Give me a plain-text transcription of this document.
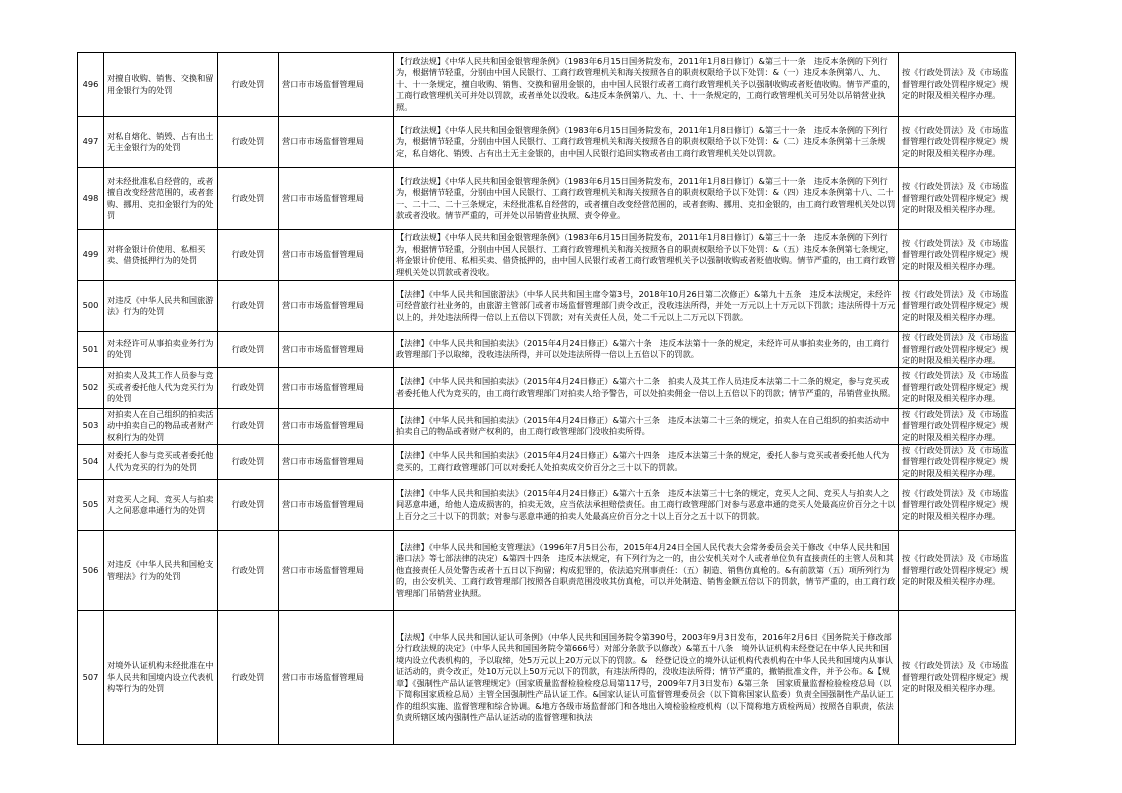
496	对擅自收购、销售、交换和留用金银行为的处罚	行政处罚	营口市市场监督管理局	【行政法规】《中华人民共和国金银管理条例》（1983年6月15日国务院发布，2011年1月8日修订）&第三十一条　违反本条例的下列行为，根据情节轻重，分别由中国人民银行、工商行政管理机关和海关按照各自的职责权限给予以下处罚：&（一）违反本条例第八、九、十、十一条规定，擅自收购、销售、交换和留用金银的，由中国人民银行或者工商行政管理机关予以强制收购或者贬值收购。情节严重的，工商行政管理机关可并处以罚款，或者单处以没收。&违反本条例第八、九、十、十一条规定的，工商行政管理机关可另处以吊销营业执照。	按《行政处罚法》及《市场监督管理行政处罚程序规定》规定的时限及相关程序办理。

497	对私自熔化、销毁、占有出土无主金银行为的处罚	行政处罚	营口市市场监督管理局	【行政法规】《中华人民共和国金银管理条例》（1983年6月15日国务院发布，2011年1月8日修订）&第三十一条　违反本条例的下列行为，根据情节轻重，分别由中国人民银行、工商行政管理机关和海关按照各自的职责权限给予以下处罚：&（二）违反本条例第十三条规定，私自熔化、销毁、占有出土无主金银的，由中国人民银行追回实物或者由工商行政管理机关处以罚款。	按《行政处罚法》及《市场监督管理行政处罚程序规定》规定的时限及相关程序办理。

498	对未经批准私自经营的，或者擅自改变经营范围的，或者套购、挪用、克扣金银行为的处罚	行政处罚	营口市市场监督管理局	【行政法规】《中华人民共和国金银管理条例》（1983年6月15日国务院发布，2011年1月8日修订）&第三十一条　违反本条例的下列行为，根据情节轻重，分别由中国人民银行、工商行政管理机关和海关按照各自的职责权限给予以下处罚：&（四）违反本条例第十八、二十一、二十二、二十三条规定，未经批准私自经营的，或者擅自改变经营范围的，或者套购、挪用、克扣金银的，由工商行政管理机关处以罚款或者没收。情节严重的，可并处以吊销营业执照、责令停业。	按《行政处罚法》及《市场监督管理行政处罚程序规定》规定的时限及相关程序办理。

499	对将金银计价使用、私相买卖、借贷抵押行为的处罚	行政处罚	营口市市场监督管理局	【行政法规】《中华人民共和国金银管理条例》（1983年6月15日国务院发布，2011年1月8日修订）&第三十一条　违反本条例的下列行为，根据情节轻重，分别由中国人民银行、工商行政管理机关和海关按照各自的职责权限给予以下处罚：&（五）违反本条例第七条规定，将金银计价使用、私相买卖、借贷抵押的，由中国人民银行或者工商行政管理机关予以强制收购或者贬值收购。情节严重的，由工商行政管理机关处以罚款或者没收。	按《行政处罚法》及《市场监督管理行政处罚程序规定》规定的时限及相关程序办理。

500	对违反《中华人民共和国旅游法》行为的处罚	行政处罚	营口市市场监督管理局	【法律】《中华人民共和国旅游法》（中华人民共和国主席令第3号，2018年10月26日第二次修正）&第九十五条　违反本法规定，未经许可经营旅行社业务的，由旅游主管部门或者市场监督管理部门责令改正，没收违法所得，并处一万元以上十万元以下罚款；违法所得十万元以上的，并处违法所得一倍以上五倍以下罚款；对有关责任人员，处二千元以上二万元以下罚款。	按《行政处罚法》及《市场监督管理行政处罚程序规定》规定的时限及相关程序办理。

501	对未经许可从事拍卖业务行为的处罚	行政处罚	营口市市场监督管理局	【法律】《中华人民共和国拍卖法》（2015年4月24日修正）&第六十条　违反本法第十一条的规定，未经许可从事拍卖业务的，由工商行政管理部门予以取缔，没收违法所得，并可以处违法所得一倍以上五倍以下的罚款。	按《行政处罚法》及《市场监督管理行政处罚程序规定》规定的时限及相关程序办理。

502	对拍卖人及其工作人员参与竞买或者委托他人代为竞买行为的处罚	行政处罚	营口市市场监督管理局	【法律】《中华人民共和国拍卖法》（2015年4月24日修正）&第六十二条　拍卖人及其工作人员违反本法第二十二条的规定，参与竞买或者委托他人代为竞买的，由工商行政管理部门对拍卖人给予警告，可以处拍卖佣金一倍以上五倍以下的罚款；情节严重的，吊销营业执照。	按《行政处罚法》及《市场监督管理行政处罚程序规定》规定的时限及相关程序办理。

503	对拍卖人在自己组织的拍卖活动中拍卖自己的物品或者财产权利行为的处罚	行政处罚	营口市市场监督管理局	【法律】《中华人民共和国拍卖法》（2015年4月24日修正）&第六十三条　违反本法第二十三条的规定，拍卖人在自己组织的拍卖活动中拍卖自己的物品或者财产权利的，由工商行政管理部门没收拍卖所得。	按《行政处罚法》及《市场监督管理行政处罚程序规定》规定的时限及相关程序办理。

504	对委托人参与竞买或者委托他人代为竞买的行为的处罚	行政处罚	营口市市场监督管理局	【法律】《中华人民共和国拍卖法》（2015年4月24日修正）&第六十四条　违反本法第三十条的规定，委托人参与竞买或者委托他人代为竞买的，工商行政管理部门可以对委托人处拍卖成交价百分之三十以下的罚款。	按《行政处罚法》及《市场监督管理行政处罚程序规定》规定的时限及相关程序办理。

505	对竞买人之间、竞买人与拍卖人之间恶意串通行为的处罚	行政处罚	营口市市场监督管理局	【法律】《中华人民共和国拍卖法》（2015年4月24日修正）&第六十五条　违反本法第三十七条的规定，竞买人之间、竞买人与拍卖人之间恶意串通，给他人造成损害的，拍卖无效，应当依法承担赔偿责任。由工商行政管理部门对参与恶意串通的竞买人处最高应价百分之十以上百分之三十以下的罚款；对参与恶意串通的拍卖人处最高应价百分之十以上百分之五十以下的罚款。	按《行政处罚法》及《市场监督管理行政处罚程序规定》规定的时限及相关程序办理。

506	对违反《中华人民共和国枪支管理法》行为的处罚	行政处罚	营口市市场监督管理局	【法律】《中华人民共和国枪支管理法》（1996年7月5日公布，2015年4月24日全国人民代表大会常务委员会关于修改《中华人民共和国港口法》等七部法律的决定）&第四十四条　违反本法规定，有下列行为之一的，由公安机关对个人或者单位负有直接责任的主管人员和其他直接责任人员处警告或者十五日以下拘留；构成犯罪的，依法追究刑事责任：（五）制造、销售仿真枪的。&有前款第（五）项所列行为的，由公安机关、工商行政管理部门按照各自职责范围没收其仿真枪，可以并处制造、销售金额五倍以下的罚款，情节严重的，由工商行政管理部门吊销营业执照。	按《行政处罚法》及《市场监督管理行政处罚程序规定》规定的时限及相关程序办理。

507	对境外认证机构未经批准在中华人民共和国境内设立代表机构等行为的处罚	行政处罚	营口市市场监督管理局	【法规】《中华人民共和国认证认可条例》（中华人民共和国国务院令第390号，2003年9月3日发布，2016年2月6日《国务院关于修改部分行政法规的决定》（中华人民共和国国务院令第666号）对部分条款予以修改）&第五十八条　境外认证机构未经登记在中华人民共和国境内设立代表机构的，予以取缔，处5万元以上20万元以下的罚款。&　经登记设立的境外认证机构代表机构在中华人民共和国境内从事认证活动的，责令改正，处10万元以上50万元以下的罚款，有违法所得的，没收违法所得；情节严重的，撤销批准文件，并予公布。&【规章】《强制性产品认证管理规定》（国家质量监督检验检疫总局第117号，2009年7月3日发布）&第三条　国家质量监督检验检疫总局（以下简称国家质检总局）主管全国强制性产品认证工作。&国家认证认可监督管理委员会（以下简称国家认监委）负责全国强制性产品认证工作的组织实施、监督管理和综合协调。&地方各级市场监督部门和各地出入境检验检疫机构（以下简称地方质检两局）按照各自职责，依法负责所辖区域内强制性产品认证活动的监督管理和执法	按《行政处罚法》及《市场监督管理行政处罚程序规定》规定的时限及相关程序办理。
